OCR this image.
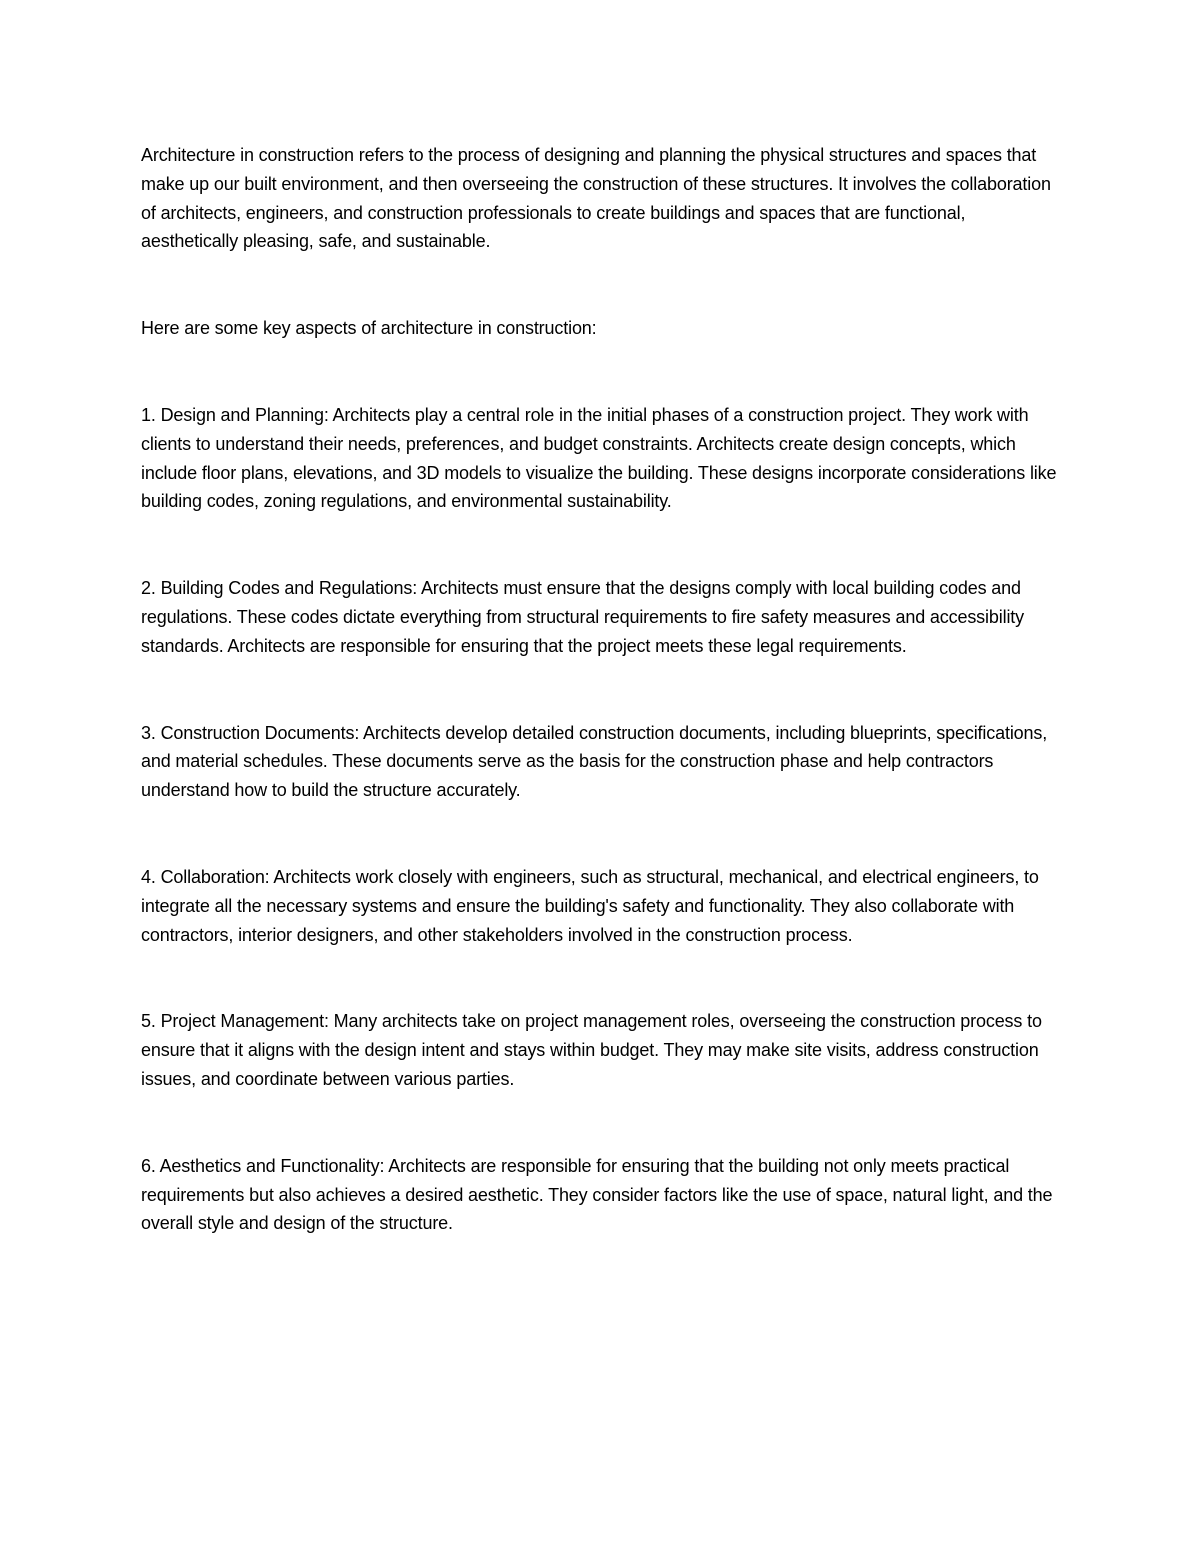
Architecture in construction refers to the process of designing and planning the physical structures and spaces that make up our built environment, and then overseeing the construction of these structures. It involves the collaboration of architects, engineers, and construction professionals to create buildings and spaces that are functional, aesthetically pleasing, safe, and sustainable.

Here are some key aspects of architecture in construction:

1. Design and Planning: Architects play a central role in the initial phases of a construction project. They work with clients to understand their needs, preferences, and budget constraints. Architects create design concepts, which include floor plans, elevations, and 3D models to visualize the building. These designs incorporate considerations like building codes, zoning regulations, and environmental sustainability.

2. Building Codes and Regulations: Architects must ensure that the designs comply with local building codes and regulations. These codes dictate everything from structural requirements to fire safety measures and accessibility standards. Architects are responsible for ensuring that the project meets these legal requirements.

3. Construction Documents: Architects develop detailed construction documents, including blueprints, specifications, and material schedules. These documents serve as the basis for the construction phase and help contractors understand how to build the structure accurately.

4. Collaboration: Architects work closely with engineers, such as structural, mechanical, and electrical engineers, to integrate all the necessary systems and ensure the building's safety and functionality. They also collaborate with contractors, interior designers, and other stakeholders involved in the construction process.

5. Project Management: Many architects take on project management roles, overseeing the construction process to ensure that it aligns with the design intent and stays within budget. They may make site visits, address construction issues, and coordinate between various parties.

6. Aesthetics and Functionality: Architects are responsible for ensuring that the building not only meets practical requirements but also achieves a desired aesthetic. They consider factors like the use of space, natural light, and the overall style and design of the structure.
